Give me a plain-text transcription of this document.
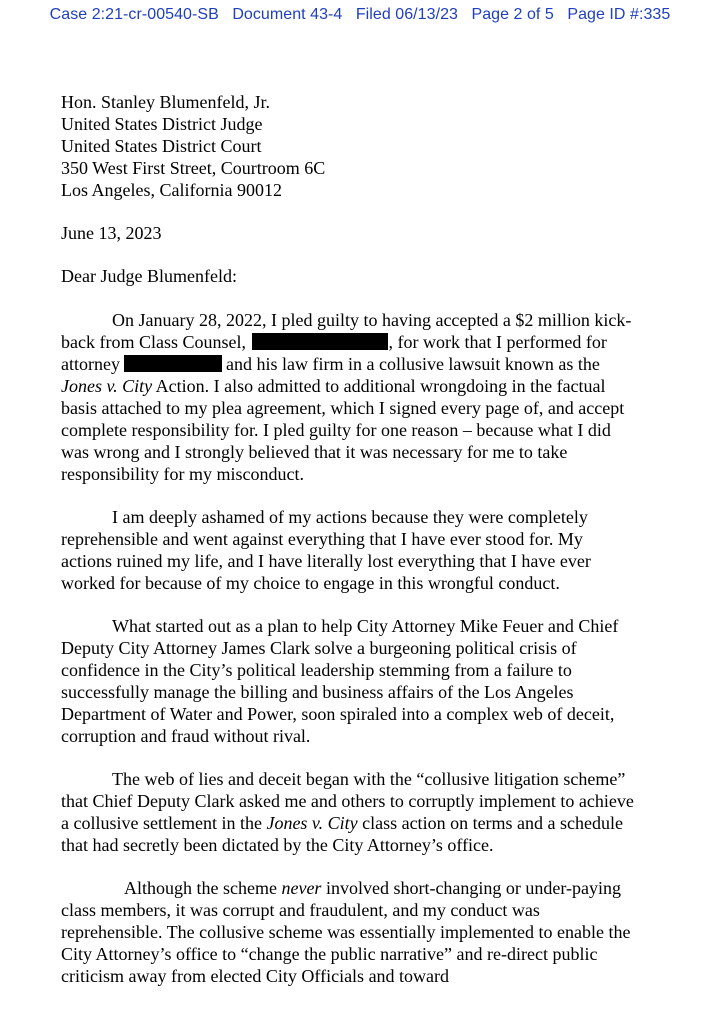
Case 2:21-cr-00540-SB Document 43-4 Filed 06/13/23 Page 2 of 5 Page ID #:335
Hon. Stanley Blumenfeld, Jr.
United States District Judge
United States District Court
350 West First Street, Courtroom 6C
Los Angeles, California 90012
June 13, 2023
Dear Judge Blumenfeld:
On January 28, 2022, I pled guilty to having accepted a $2 million kick-
back from Class Counsel,	, for work that I performed for
attorney	and his law firm in a collusive lawsuit known as the
Jones v. City Action. I also admitted to additional wrongdoing in the factual
basis attached to my plea agreement, which I signed every page of, and accept
complete responsibility for. I pled guilty for one reason – because what I did
was wrong and I strongly believed that it was necessary for me to take
responsibility for my misconduct.
I am deeply ashamed of my actions because they were completely
reprehensible and went against everything that I have ever stood for. My
actions ruined my life, and I have literally lost everything that I have ever
worked for because of my choice to engage in this wrongful conduct.
What started out as a plan to help City Attorney Mike Feuer and Chief
Deputy City Attorney James Clark solve a burgeoning political crisis of
confidence in the City’s political leadership stemming from a failure to
successfully manage the billing and business affairs of the Los Angeles
Department of Water and Power, soon spiraled into a complex web of deceit,
corruption and fraud without rival.
The web of lies and deceit began with the “collusive litigation scheme”
that Chief Deputy Clark asked me and others to corruptly implement to achieve
a collusive settlement in the Jones v. City class action on terms and a schedule
that had secretly been dictated by the City Attorney’s office.
Although the scheme never involved short-changing or under-paying
class members, it was corrupt and fraudulent, and my conduct was
reprehensible. The collusive scheme was essentially implemented to enable the
City Attorney’s office to “change the public narrative” and re-direct public
criticism away from elected City Officials and toward
